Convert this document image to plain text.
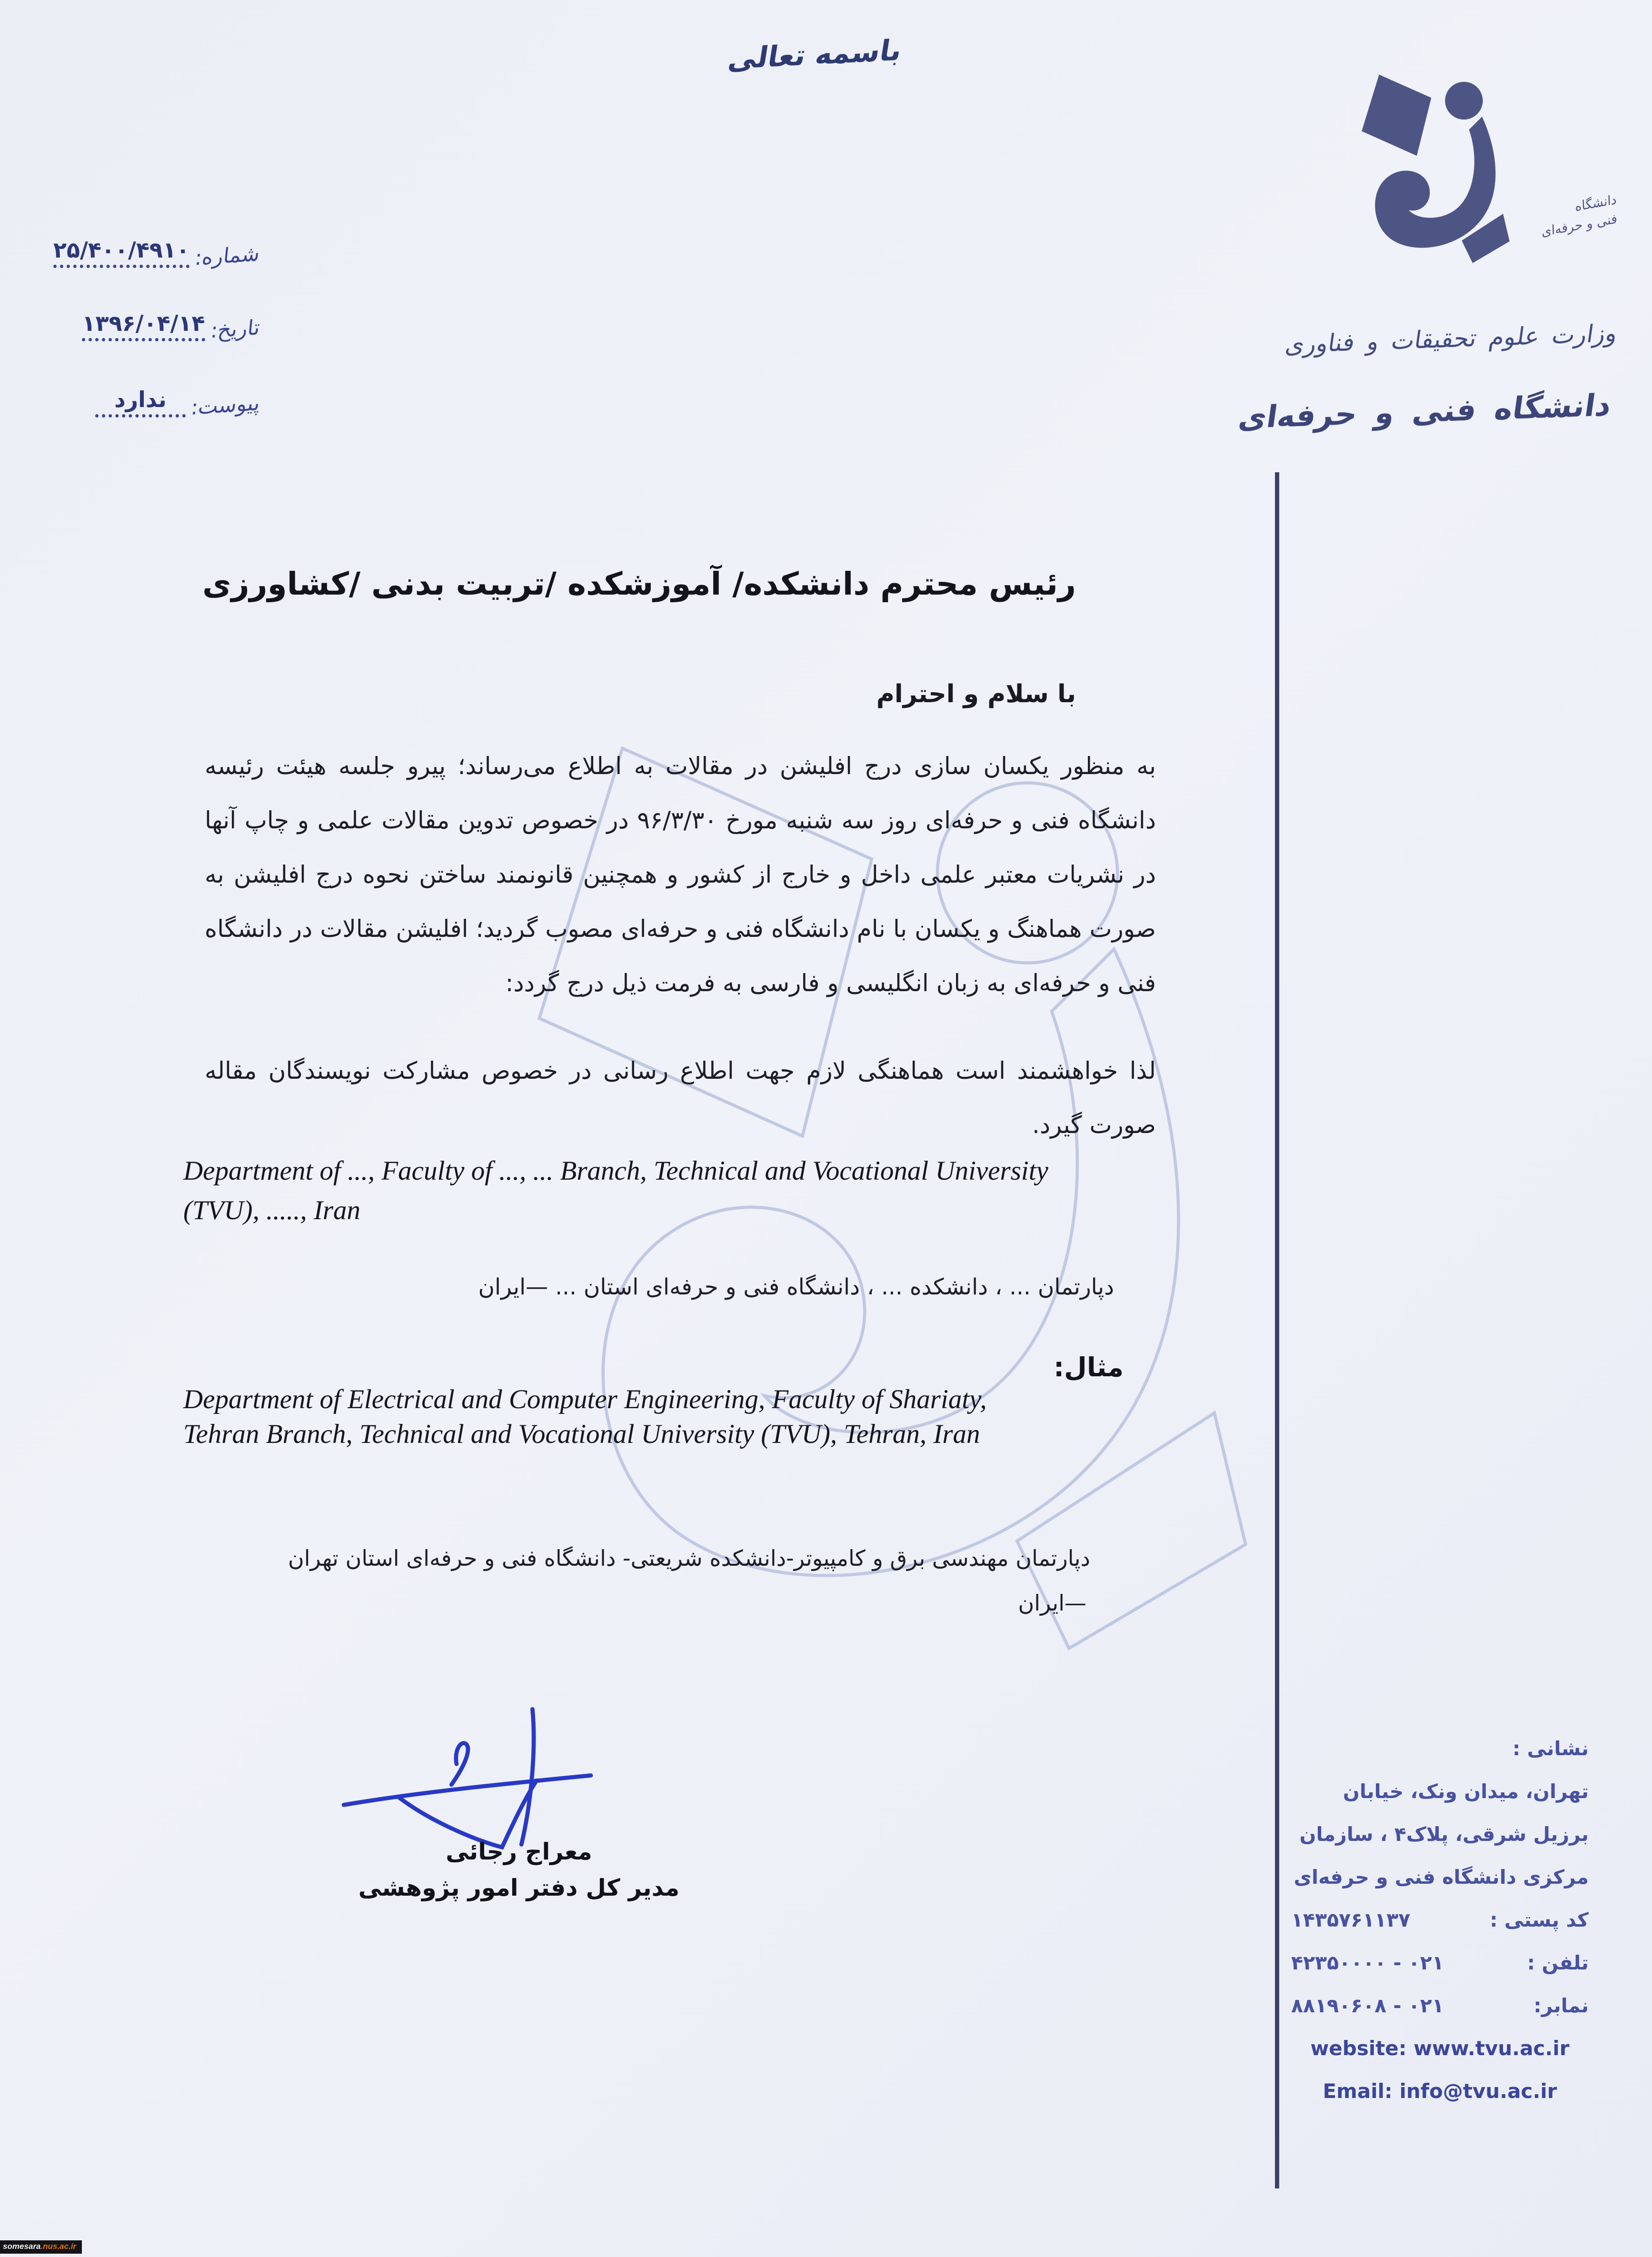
باسمه تعالی
شماره:
۲۵/۴۰۰/۴۹۱۰
تاریخ:
۱۳۹۶/۰۴/۱۴
پیوست:
ندارد
دانشگاه
فنی و حرفه‌ای
وزارت علوم تحقیقات و فناوری
دانشگاه فنی و حرفه‌ای
رئیس محترم دانشکده/ آموزشکده /تربیت بدنی /کشاورزی
با سلام و احترام
به منظور یکسان سازی درج افلیشن در مقالات به اطلاع می‌رساند؛ پیرو جلسه هیئت رئیسه دانشگاه فنی و حرفه‌ای روز سه شنبه مورخ ۹۶/۳/۳۰ در خصوص تدوین مقالات علمی و چاپ آنها در نشریات معتبر علمی داخل و خارج از کشور و همچنین قانونمند ساختن نحوه درج افلیشن به صورت هماهنگ و یکسان با نام دانشگاه فنی و حرفه‌ای مصوب گردید؛ افلیشن مقالات در دانشگاه فنی و حرفه‌ای به زبان انگلیسی و فارسی به فرمت ذیل درج گردد:
لذا خواهشمند است هماهنگی لازم جهت اطلاع رسانی در خصوص مشارکت نویسندگان مقاله صورت گیرد.
Department of ..., Faculty of ..., ... Branch, Technical and Vocational University (TVU), ....., Iran
دپارتمان ... ، دانشکده ... ، دانشگاه فنی و حرفه‌ای استان ... —ایران
مثال:
Department of Electrical and Computer Engineering, Faculty of Shariaty, Tehran Branch, Technical and Vocational University (TVU), Tehran, Iran
دپارتمان مهندسی برق و کامپیوتر-دانشکده شریعتی- دانشگاه فنی و حرفه‌ای استان تهران
—ایران
معراج رجائی
مدیر کل دفتر امور پژوهشی
نشانی :
تهران، میدان ونک، خیابان
برزیل شرقی، پلاک۴ ، سازمان
مرکزی دانشگاه فنی و حرفه‌ای
کد پستی :
۱۴۳۵۷۶۱۱۳۷
تلفن :
۰۲۱ - ۴۲۳۵۰۰۰۰
نمابر:
۰۲۱ - ۸۸۱۹۰۶۰۸
website: www.tvu.ac.ir
Email: info@tvu.ac.ir
somesara.nus.ac.ir
